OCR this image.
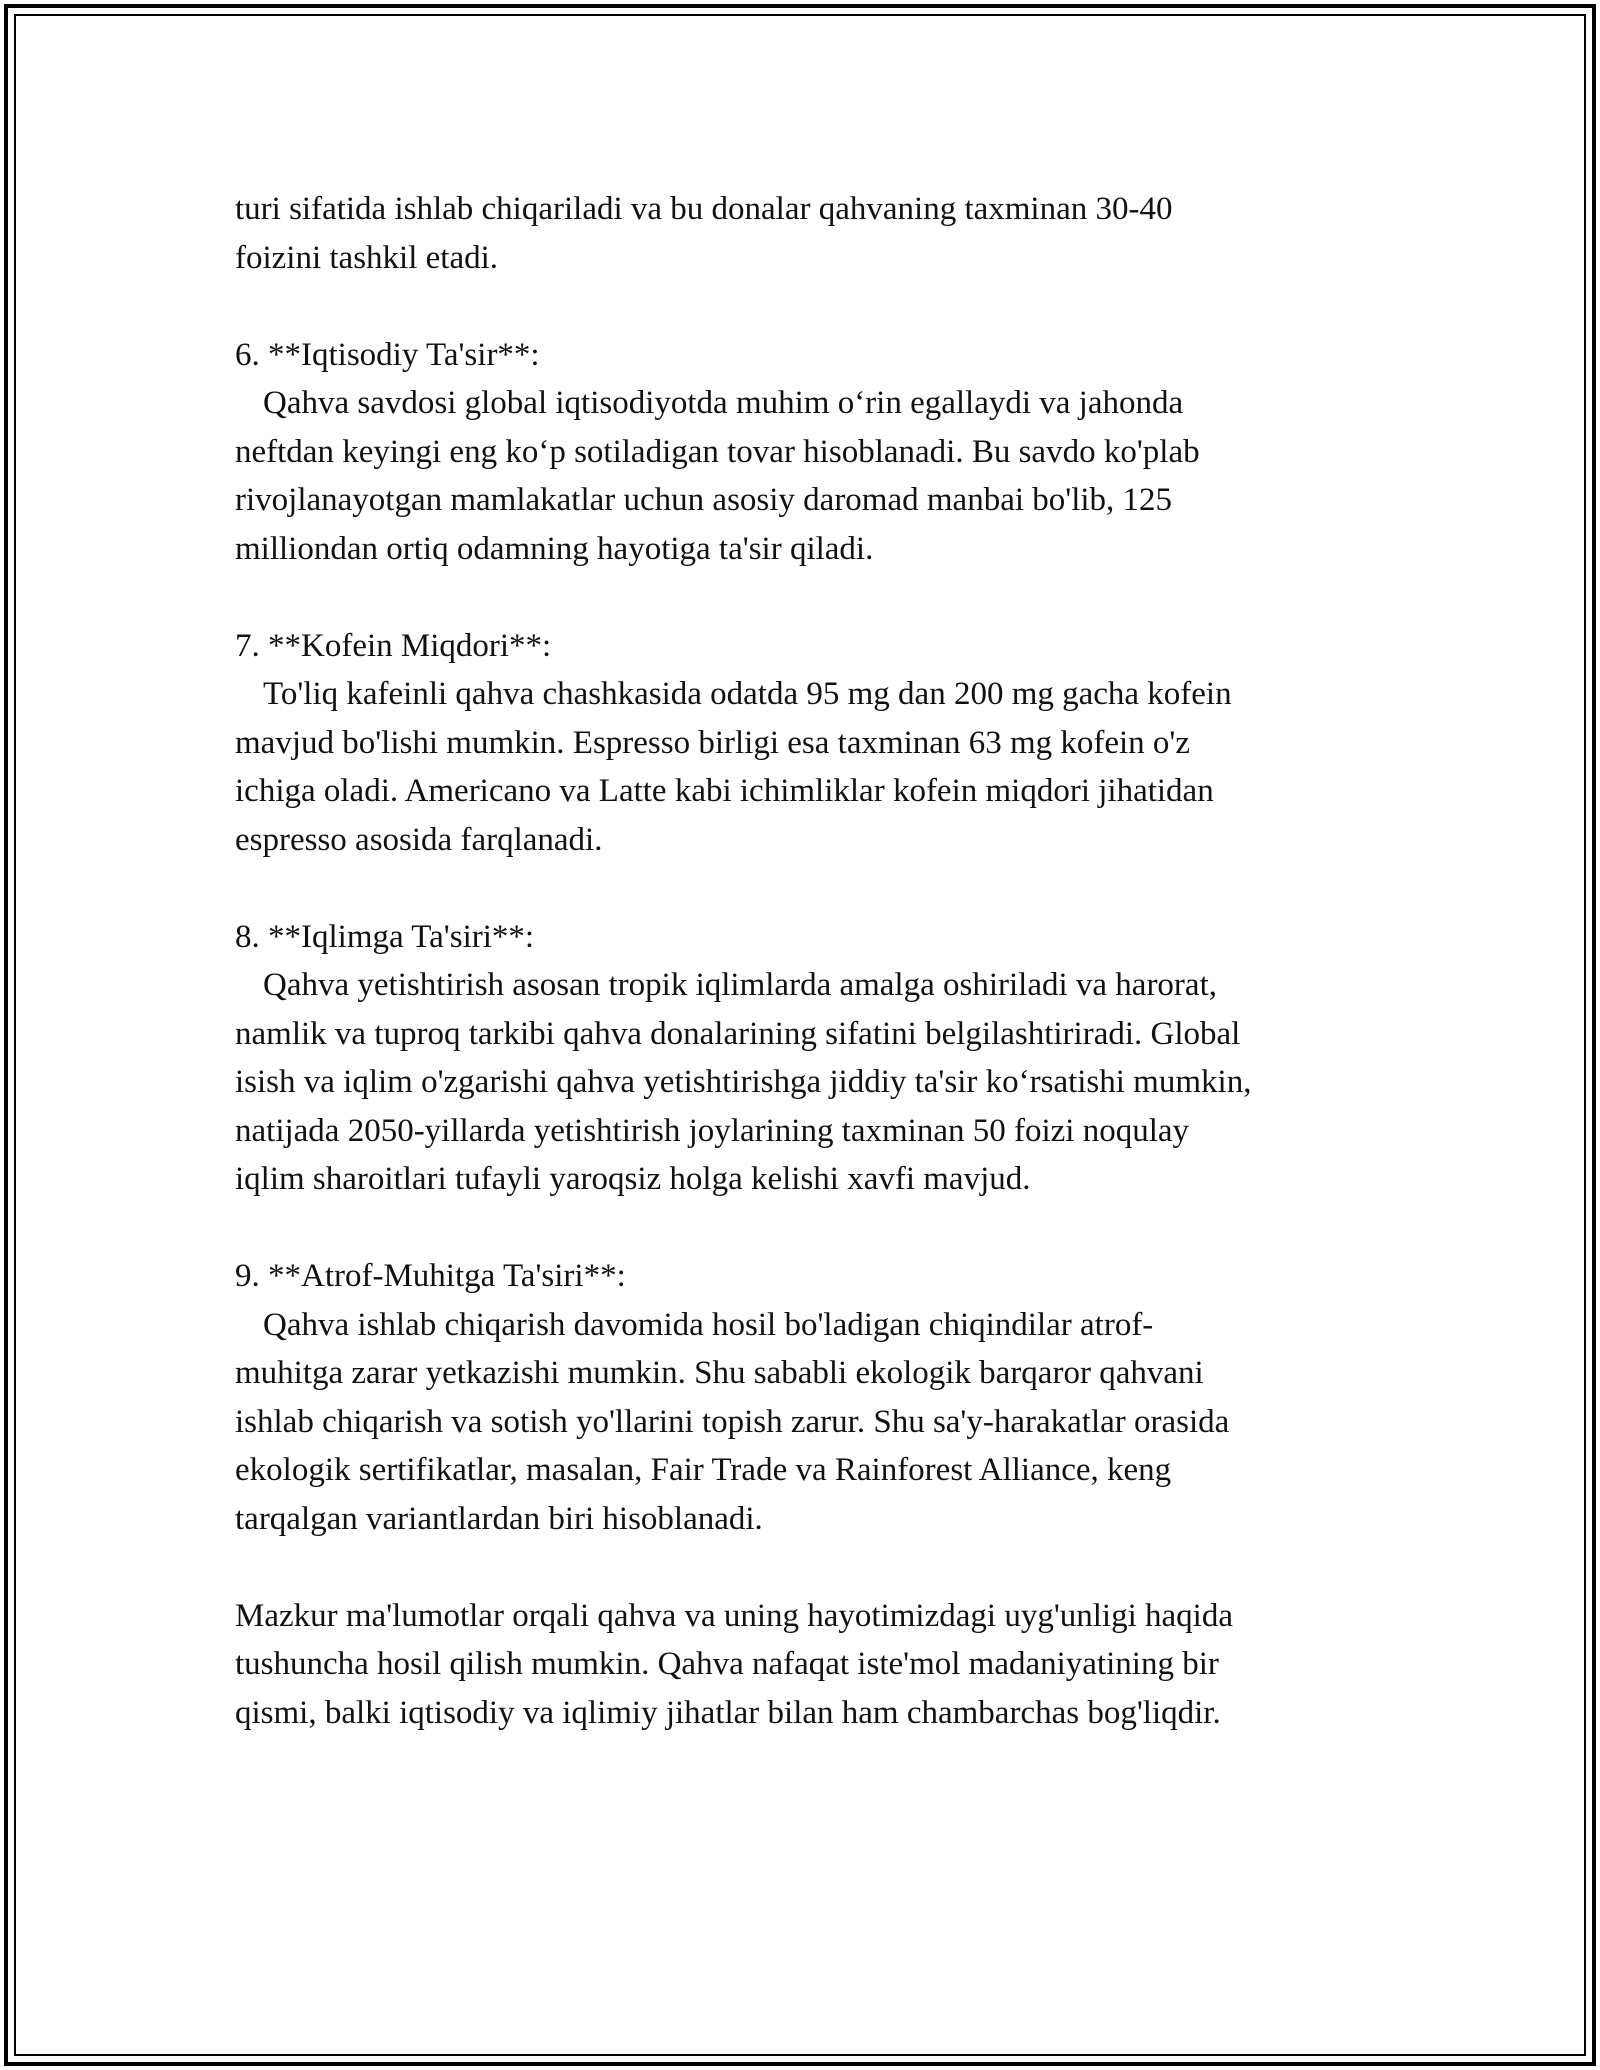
turi sifatida ishlab chiqariladi va bu donalar qahvaning taxminan 30-40
foizini tashkil etadi.
6. **Iqtisodiy Ta'sir**:
Qahva savdosi global iqtisodiyotda muhim o‘rin egallaydi va jahonda
neftdan keyingi eng ko‘p sotiladigan tovar hisoblanadi. Bu savdo ko'plab
rivojlanayotgan mamlakatlar uchun asosiy daromad manbai bo'lib, 125
milliondan ortiq odamning hayotiga ta'sir qiladi.
7. **Kofein Miqdori**:
To'liq kafeinli qahva chashkasida odatda 95 mg dan 200 mg gacha kofein
mavjud bo'lishi mumkin. Espresso birligi esa taxminan 63 mg kofein o'z
ichiga oladi. Americano va Latte kabi ichimliklar kofein miqdori jihatidan
espresso asosida farqlanadi.
8. **Iqlimga Ta'siri**:
Qahva yetishtirish asosan tropik iqlimlarda amalga oshiriladi va harorat,
namlik va tuproq tarkibi qahva donalarining sifatini belgilashtiriradi. Global
isish va iqlim o'zgarishi qahva yetishtirishga jiddiy ta'sir ko‘rsatishi mumkin,
natijada 2050-yillarda yetishtirish joylarining taxminan 50 foizi noqulay
iqlim sharoitlari tufayli yaroqsiz holga kelishi xavfi mavjud.
9. **Atrof-Muhitga Ta'siri**:
Qahva ishlab chiqarish davomida hosil bo'ladigan chiqindilar atrof-
muhitga zarar yetkazishi mumkin. Shu sababli ekologik barqaror qahvani
ishlab chiqarish va sotish yo'llarini topish zarur. Shu sa'y-harakatlar orasida
ekologik sertifikatlar, masalan, Fair Trade va Rainforest Alliance, keng
tarqalgan variantlardan biri hisoblanadi.
Mazkur ma'lumotlar orqali qahva va uning hayotimizdagi uyg'unligi haqida
tushuncha hosil qilish mumkin. Qahva nafaqat iste'mol madaniyatining bir
qismi, balki iqtisodiy va iqlimiy jihatlar bilan ham chambarchas bog'liqdir.
